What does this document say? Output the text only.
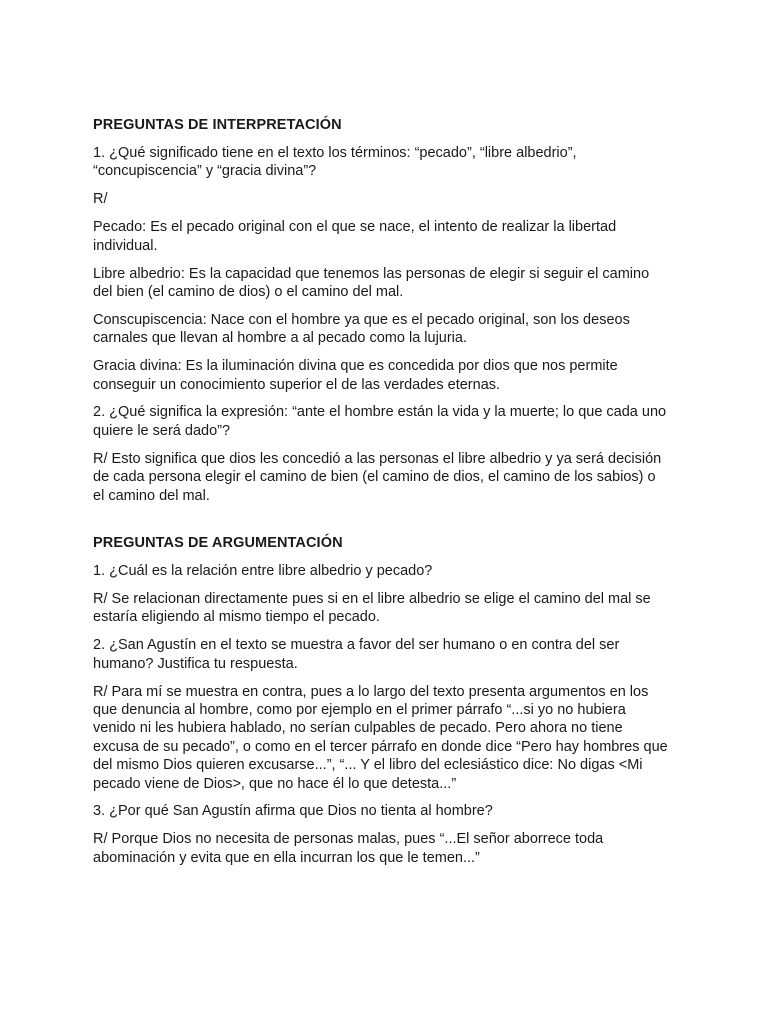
PREGUNTAS DE INTERPRETACIÓN

1. ¿Qué significado tiene en el texto los términos: “pecado”, “libre albedrio”, “concupiscencia” y “gracia divina”?

R/

Pecado: Es el pecado original con el que se nace, el intento de realizar la libertad individual.

Libre albedrio: Es la capacidad que tenemos las personas de elegir si seguir el camino del bien (el camino de dios) o el camino del mal.

Conscupiscencia: Nace con el hombre ya que es el pecado original, son los deseos carnales que llevan al hombre a al pecado como la lujuria.

Gracia divina: Es la iluminación divina que es concedida por dios que nos permite conseguir un conocimiento superior el de las verdades eternas.

2. ¿Qué significa la expresión: “ante el hombre están la vida y la muerte; lo que cada uno quiere le será dado”?

R/ Esto significa que dios les concedió a las personas el libre albedrio y ya será decisión de cada persona elegir el camino de bien (el camino de dios, el camino de los sabios) o el camino del mal.

PREGUNTAS DE ARGUMENTACIÓN

1. ¿Cuál es la relación entre libre albedrio y pecado?

R/ Se relacionan directamente pues si en el libre albedrio se elige el camino del mal se estaría eligiendo al mismo tiempo el pecado.

2. ¿San Agustín en el texto se muestra a favor del ser humano o en contra del ser humano? Justifica tu respuesta.

R/ Para mí se muestra en contra, pues a lo largo del texto presenta argumentos en los que denuncia al hombre, como por ejemplo en el primer párrafo “...si yo no hubiera venido ni les hubiera hablado, no serían culpables de pecado. Pero ahora no tiene excusa de su pecado”, o como en el tercer párrafo en donde dice “Pero hay hombres que del mismo Dios quieren excusarse...”, “... Y el libro del eclesiástico dice: No digas <Mi pecado viene de Dios>, que no hace él lo que detesta...”

3. ¿Por qué San Agustín afirma que Dios no tienta al hombre?

R/ Porque Dios no necesita de personas malas, pues “...El señor aborrece toda abominación y evita que en ella incurran los que le temen...”
